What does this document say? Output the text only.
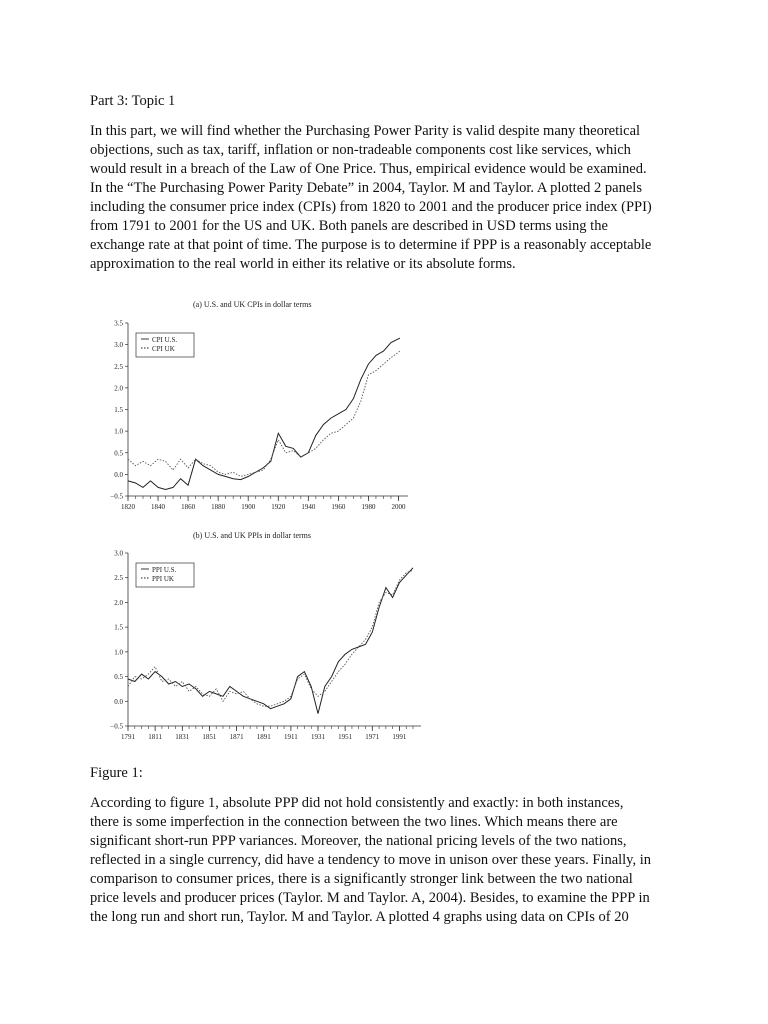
Part 3: Topic 1
In this part, we will find whether the Purchasing Power Parity is valid despite many theoretical
objections, such as tax, tariff, inflation or non-tradeable components cost like services, which
would result in a breach of the Law of One Price. Thus, empirical evidence would be examined.
In the “The Purchasing Power Parity Debate” in 2004, Taylor. M and Taylor. A plotted 2 panels
including the consumer price index (CPIs) from 1820 to 2001 and the producer price index (PPI)
from 1791 to 2001 for the US and UK. Both panels are described in USD terms using the
exchange rate at that point of time. The purpose is to determine if PPP is a reasonably acceptable
approximation to the real world in either its relative or its absolute forms.
(a) U.S. and UK CPIs in dollar terms
3.5
3.0
2.5
2.0
1.5
1.0
0.5
0.0
−0.5
1820 1840 1860 1880 1900 1920 1940 1960 1980 2000
CPI U.S.
CPI UK
(b) U.S. and UK PPIs in dollar terms
3.0
2.5
2.0
1.5
1.0
0.5
0.0
−0.5
1791 1811 1831 1851 1871 1891 1911 1931 1951 1971 1991
PPI U.S.
PPI UK
Figure 1:
According to figure 1, absolute PPP did not hold consistently and exactly: in both instances,
there is some imperfection in the connection between the two lines. Which means there are
significant short-run PPP variances. Moreover, the national pricing levels of the two nations,
reflected in a single currency, did have a tendency to move in unison over these years. Finally, in
comparison to consumer prices, there is a significantly stronger link between the two national
price levels and producer prices (Taylor. M and Taylor. A, 2004). Besides, to examine the PPP in
the long run and short run, Taylor. M and Taylor. A plotted 4 graphs using data on CPIs of 20
